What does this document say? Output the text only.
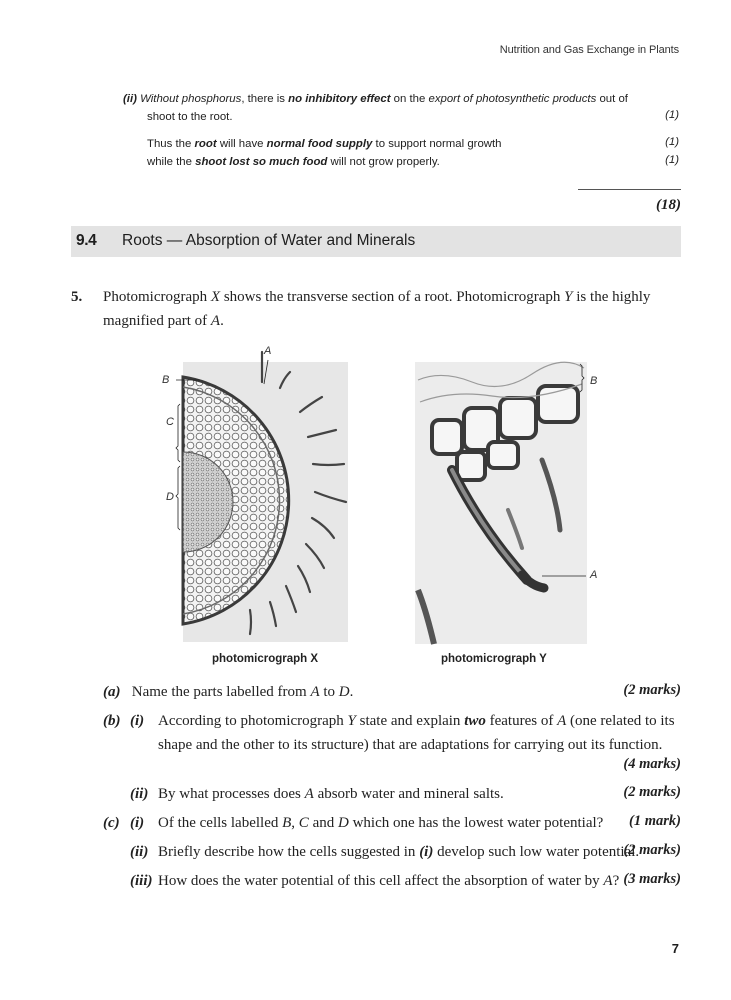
Nutrition and Gas Exchange in Plants
(ii) Without phosphorus, there is no inhibitory effect on the export of photosynthetic products out of
shoot to the root.	(1)
Thus the root will have normal food supply to support normal growth	(1)
while the shoot lost so much food will not grow properly.	(1)
(18)
9.4 Roots — Absorption of Water and Minerals
5. Photomicrograph X shows the transverse section of a root. Photomicrograph Y is the highly
magnified part of A.
A
B
C
D
B
A
photomicrograph X	photomicrograph Y
(a) Name the parts labelled from A to D.	(2 marks)
(b) (i) According to photomicrograph Y state and explain two features of A (one related to its
shape and the other to its structure) that are adaptations for carrying out its function.
(4 marks)
(ii) By what processes does A absorb water and mineral salts.	(2 marks)
(c) (i) Of the cells labelled B, C and D which one has the lowest water potential? (1 mark)
(ii) Briefly describe how the cells suggested in (i) develop such low water potential.
(2 marks)
(iii) How does the water potential of this cell affect the absorption of water by A? (3 marks)
7
